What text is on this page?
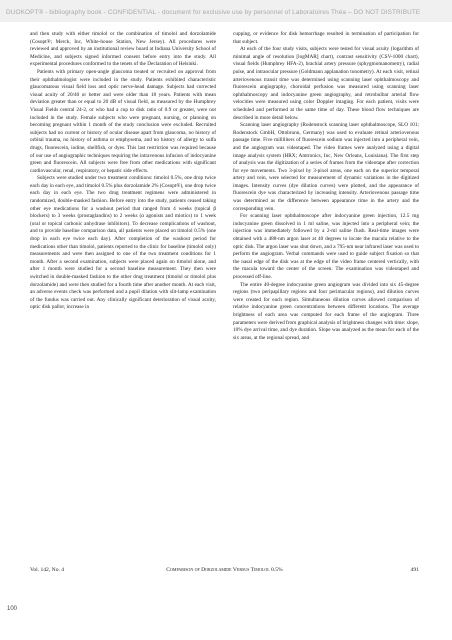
DUOKOPT® - bibliography book - CONFIDENTIAL - document for exclusive use by personnel of Laboratoires Théa – DO NOT DISTRIBUTE

and then study with either timolol or the combination of timolol and dorzolamide (Cosopt®; Merck, Inc, White-house Station, New Jersey). All procedures were reviewed and approved by an institutional review board at Indiana University School of Medicine, and subjects signed informed consent before entry into the study. All experimental procedures conformed to the tenets of the Declaration of Helsinki.

Patients with primary open-angle glaucoma treated or recruited on approval from their ophthalmologist were included in the study. Patients exhibited characteristic glaucomatous visual field loss and optic nerve-head damage. Subjects had corrected visual acuity of 20/40 or better and were older than 18 years. Patients with mean deviation greater than or equal to 20 dB of visual field, as measured by the Humphrey Visual Fields central 24-2, or who had a cup to disk ratio of 0.9 or greater, were not included in the study. Female subjects who were pregnant, nursing, or planning on becoming pregnant within 1 month of the study conclusion were excluded. Recruited subjects had no current or history of ocular disease apart from glaucoma, no history of orbital trauma, no history of asthma or emphysema, and no history of allergy to sulfa drugs, fluorescein, iodine, shellfish, or dyes. This last restriction was required because of our use of angiographic techniques requiring the intravenous infusion of indocyanine green and fluorescein. All subjects were free from other medications with significant cardiovascular, renal, respiratory, or hepatic side effects.

Subjects were studied under two treatment conditions: timolol 0.5%, one drop twice each day in each eye, and timolol 0.5% plus dorzolamide 2% (Cosopt®), one drop twice each day in each eye. The two drug treatment regimens were administered in randomized, double-masked fashion. Before entry into the study, patients ceased taking other eye medications for a washout period that ranged from 4 weeks (topical β blockers) to 3 weeks (prostaglandins) to 2 weeks (α agonists and miotics) to 1 week (oral or topical carbonic anhydrase inhibitors). To decrease complications of washout, and to provide baseline comparison data, all patients were placed on timolol 0.5% (one drop in each eye twice each day). After completion of the washout period for medications other than timolol, patients reported to the clinic for baseline (timolol only) measurements and were then assigned to one of the two treatment conditions for 1 month. After a second examination, subjects were placed again on timolol alone, and after 1 month were studied for a second baseline measurement. They then were switched in double-masked fashion to the other drug treatment (timolol or timolol plus dorzolamide) and were then studied for a fourth time after another month. At each visit, an adverse events check was performed and a pupil dilation with slit-lamp examination of the fundus was carried out. Any clinically significant deterioration of visual acuity, optic disk pallor, increase in

cupping, or evidence for disk hemorrhage resulted in termination of participation for that subject.

At each of the four study visits, subjects were tested for visual acuity (logarithm of minimal angle of resolution [logMAR] chart), contrast sensitivity (CSV-1000 chart), visual fields (Humphrey HFA-2), brachial artery pressure (sphygmomanometry), radial pulse, and intraocular pressure (Goldmann applanation tonometry). At each visit, retinal arteriovenous transit time was determined using scanning laser ophthalmoscopy and fluorescein angiography, choroidal perfusion was measured using scanning laser ophthalmoscopy and indocyanine green angiography, and retrobulbar arterial flow velocities were measured using color Doppler imaging. For each patient, visits were scheduled and performed at the same time of day. These blood flow techniques are described in more detail below.

Scanning laser angiography (Rodenstock scanning laser ophthalmoscope, SLO 101; Rodenstock GmbH, Ottobrunn, Germany) was used to evaluate retinal arteriovenous passage time. Five milliliters of fluorescein sodium was injected into a peripheral vein, and the angiogram was videotaped. The video frames were analyzed using a digital image analysis system (HRX; Amtronics, Inc, New Orleans, Louisiana). The first step of analysis was the digitization of a series of frames from the videotape after correction for eye movements. Two 3-pixel by 3-pixel areas, one each on the superior temporal artery and vein, were selected for measurement of dynamic variations in the digitized images. Intensity curves (dye dilution curves) were plotted, and the appearance of fluorescein dye was characterized by increasing intensity. Arteriovenous passage time was determined as the difference between appearance time in the artery and the corresponding vein.

For scanning laser ophthalmoscope after indocyanine green injection, 12.5 mg indocyanine green dissolved in 1 ml saline, was injected into a peripheral vein; the injection was immediately followed by a 2-ml saline flush. Real-time images were obtained with a 488-nm argon laser at 40 degrees to locate the macula relative to the optic disk. The argon laser was shut down, and a 795-nm near infrared laser was used to perform the angiogram. Verbal commands were used to guide subject fixation so that the nasal edge of the disk was at the edge of the video frame centered vertically, with the macula toward the center of the screen. The examination was videotaped and processed off-line.

The entire 40-degree indocyanine green angiogram was divided into six 45-degree regions (two peripapillary regions and four perimacular regions), and dilution curves were created for each region. Simultaneous dilution curves allowed comparison of relative indocyanine green concentrations between different locations. The average brightness of each area was computed for each frame of the angiogram. Three parameters were derived from graphical analysis of brightness changes with time: slope, 10% dye arrival time, and dye duration. Slope was analyzed as the mean for each of the six areas, at the regional spread, and

Vol. 142, No. 4	Comparison of Dorzolamide Versus Timolol 0.5%	491
100
